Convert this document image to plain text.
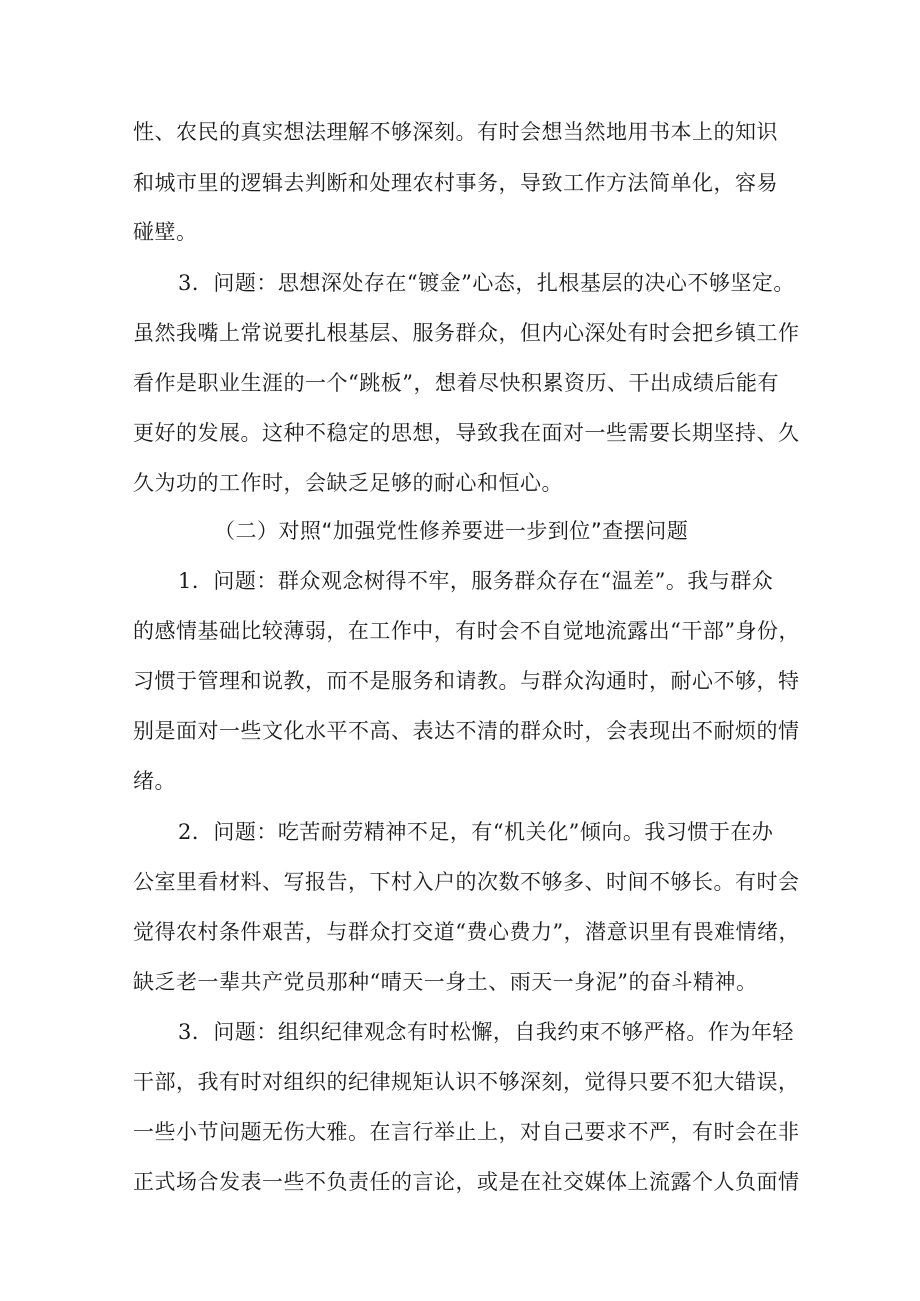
性、农民的真实想法理解不够深刻。有时会想当然地用书本上的知识
和城市里的逻辑去判断和处理农村事务，导致工作方法简单化，容易
碰壁。
3．问题：思想深处存在“镀金”心态，扎根基层的决心不够坚定。
虽然我嘴上常说要扎根基层、服务群众，但内心深处有时会把乡镇工作
看作是职业生涯的一个“跳板”，想着尽快积累资历、干出成绩后能有
更好的发展。这种不稳定的思想，导致我在面对一些需要长期坚持、久
久为功的工作时，会缺乏足够的耐心和恒心。
（二）对照“加强党性修养要进一步到位”查摆问题
1．问题：群众观念树得不牢，服务群众存在“温差”。我与群众
的感情基础比较薄弱，在工作中，有时会不自觉地流露出“干部”身份，
习惯于管理和说教，而不是服务和请教。与群众沟通时，耐心不够，特
别是面对一些文化水平不高、表达不清的群众时，会表现出不耐烦的情
绪。
2．问题：吃苦耐劳精神不足，有“机关化”倾向。我习惯于在办
公室里看材料、写报告，下村入户的次数不够多、时间不够长。有时会
觉得农村条件艰苦，与群众打交道“费心费力”，潜意识里有畏难情绪，
缺乏老一辈共产党员那种“晴天一身土、雨天一身泥”的奋斗精神。
3．问题：组织纪律观念有时松懈，自我约束不够严格。作为年轻
干部，我有时对组织的纪律规矩认识不够深刻，觉得只要不犯大错误，
一些小节问题无伤大雅。在言行举止上，对自己要求不严，有时会在非
正式场合发表一些不负责任的言论，或是在社交媒体上流露个人负面情
